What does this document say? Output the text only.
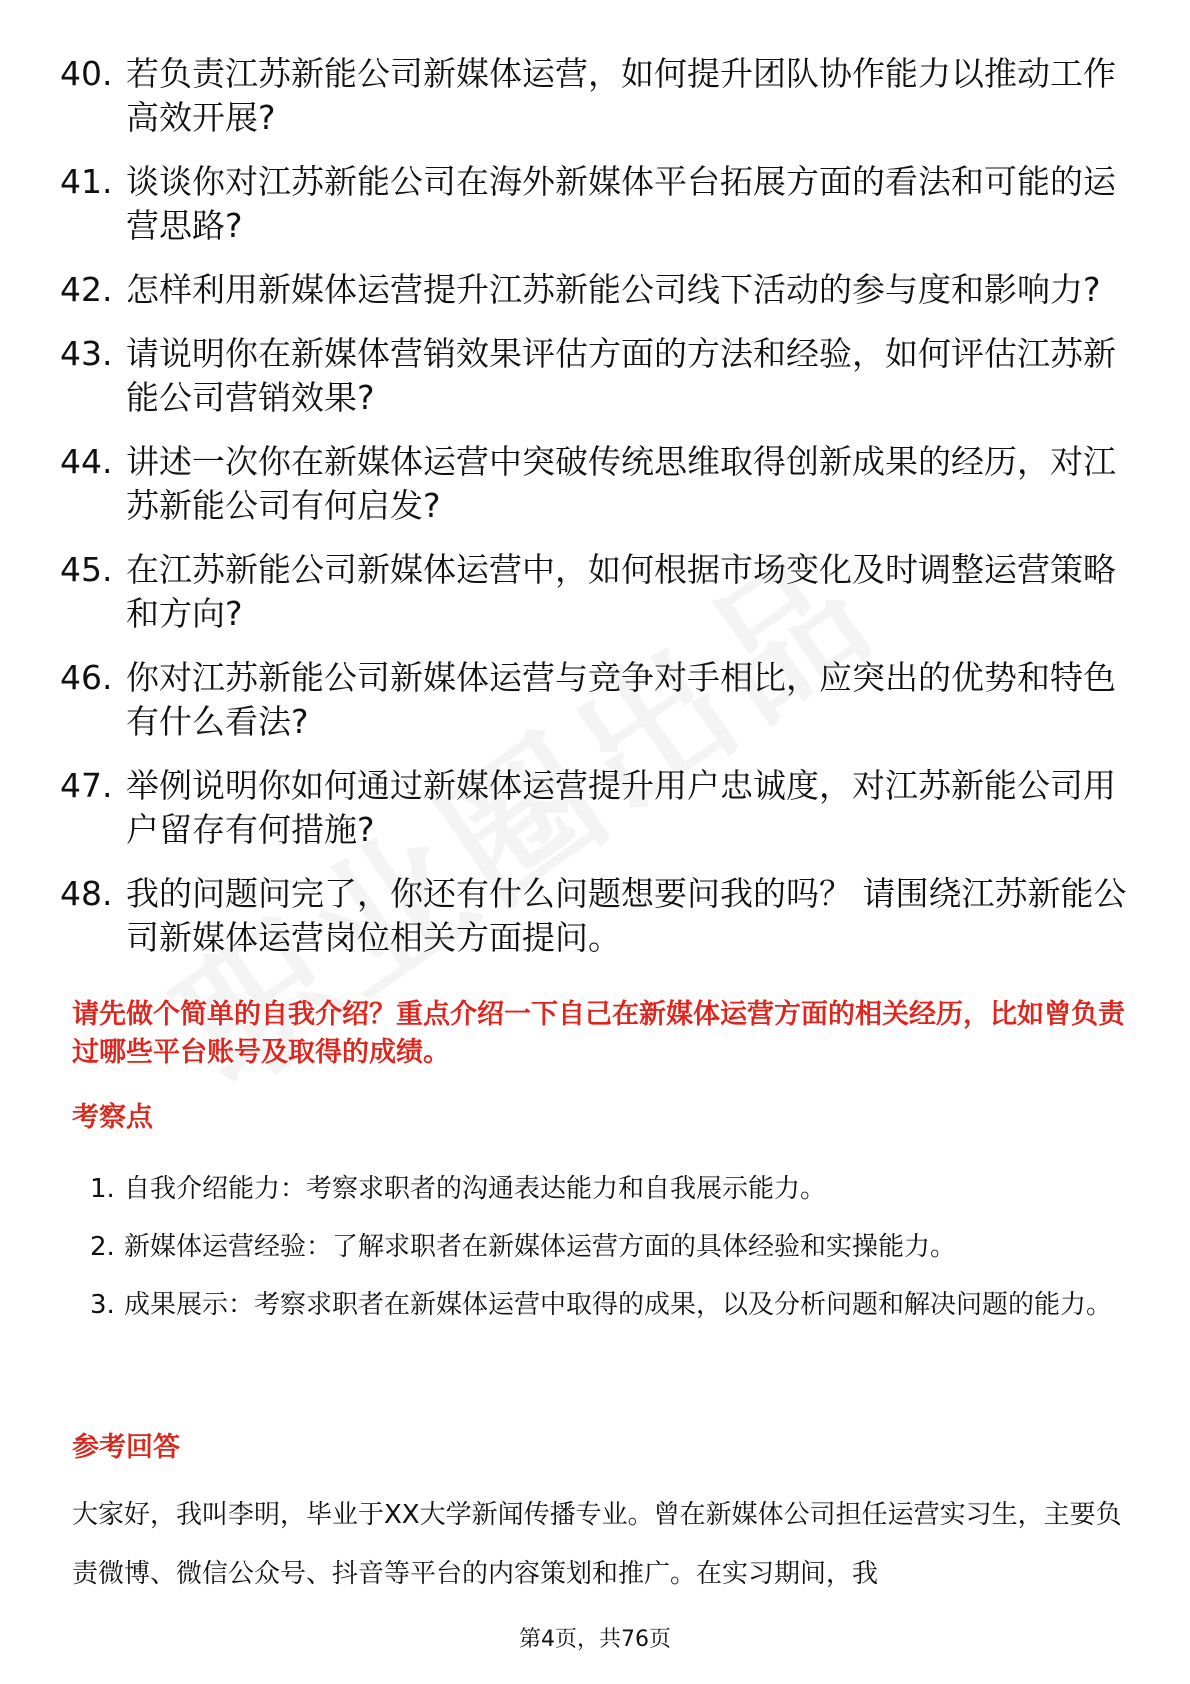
40. 若负责江苏新能公司新媒体运营，如何提升团队协作能力以推动工作高效开展?
41. 谈谈你对江苏新能公司在海外新媒体平台拓展方面的看法和可能的运营思路?
42. 怎样利用新媒体运营提升江苏新能公司线下活动的参与度和影响力?
43. 请说明你在新媒体营销效果评估方面的方法和经验，如何评估江苏新能公司营销效果?
44. 讲述一次你在新媒体运营中突破传统思维取得创新成果的经历，对江苏新能公司有何启发?
45. 在江苏新能公司新媒体运营中，如何根据市场变化及时调整运营策略和方向?
46. 你对江苏新能公司新媒体运营与竞争对手相比，应突出的优势和特色有什么看法?
47. 举例说明你如何通过新媒体运营提升用户忠诚度，对江苏新能公司用户留存有何措施?
48. 我的问题问完了，你还有什么问题想要问我的吗？ 请围绕江苏新能公司新媒体运营岗位相关方面提问。
请先做个简单的自我介绍？重点介绍一下自己在新媒体运营方面的相关经历，比如曾负责过哪些平台账号及取得的成绩。
考察点
1. 自我介绍能力：考察求职者的沟通表达能力和自我展示能力。
2. 新媒体运营经验：了解求职者在新媒体运营方面的具体经验和实操能力。
3. 成果展示：考察求职者在新媒体运营中取得的成果，以及分析问题和解决问题的能力。
参考回答
大家好，我叫李明，毕业于XX大学新闻传播专业。曾在新媒体公司担任运营实习生，主要负责微博、微信公众号、抖音等平台的内容策划和推广。在实习期间，我
第4页，共76页
